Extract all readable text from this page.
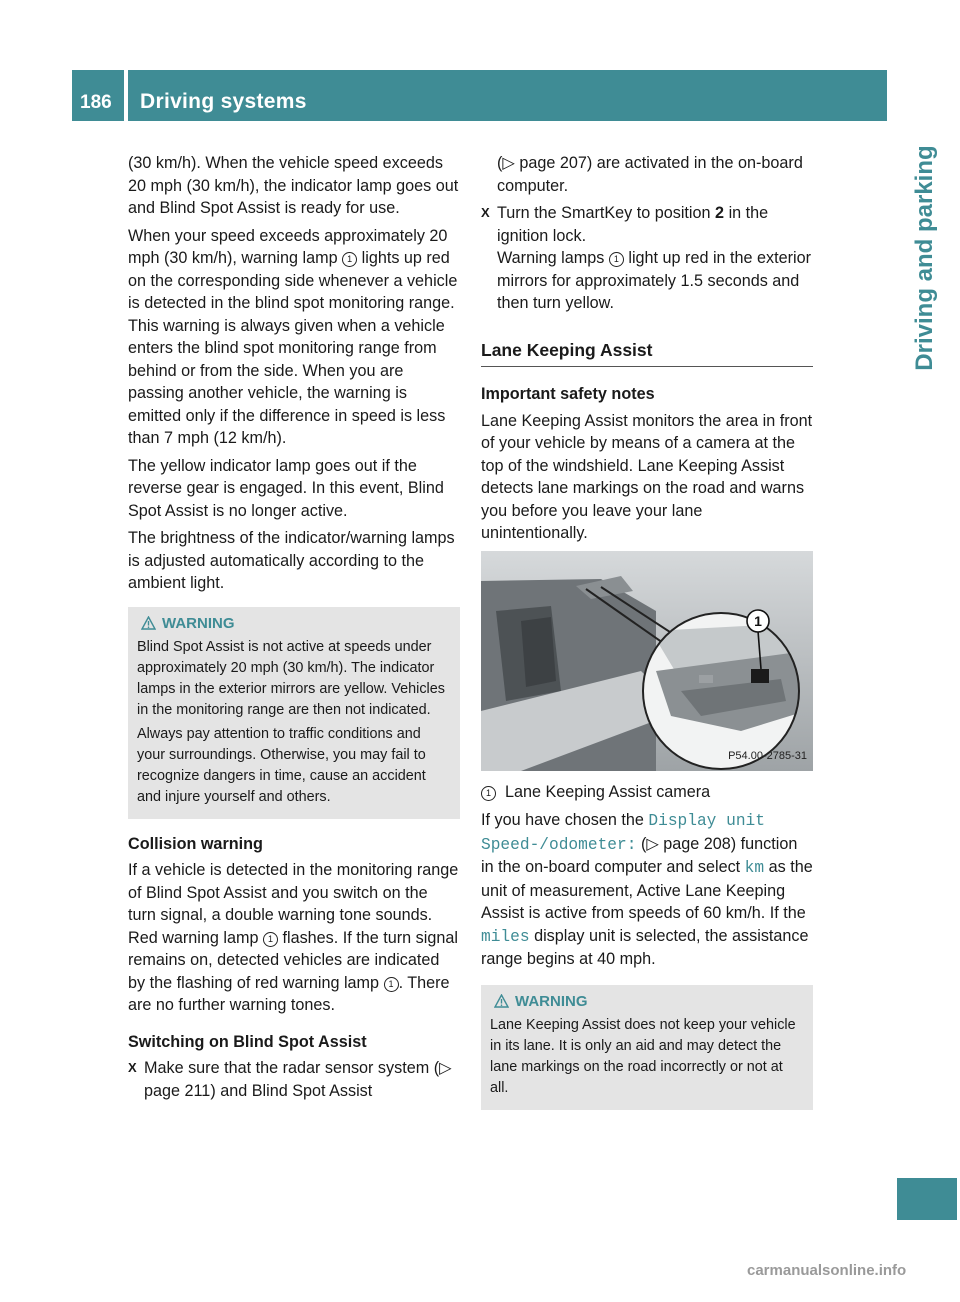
186 Driving systems
Driving and parking

(30 km/h). When the vehicle speed exceeds 20 mph (30 km/h), the indicator lamp goes out and Blind Spot Assist is ready for use.

When your speed exceeds approximately 20 mph (30 km/h), warning lamp 1 lights up red on the corresponding side whenever a vehicle is detected in the blind spot monitoring range. This warning is always given when a vehicle enters the blind spot monitoring range from behind or from the side. When you are passing another vehicle, the warning is emitted only if the difference in speed is less than 7 mph (12 km/h).

The yellow indicator lamp goes out if the reverse gear is engaged. In this event, Blind Spot Assist is no longer active.

The brightness of the indicator/warning lamps is adjusted automatically according to the ambient light.

WARNING

Blind Spot Assist is not active at speeds under approximately 20 mph (30 km/h). The indicator lamps in the exterior mirrors are yellow. Vehicles in the monitoring range are then not indicated.

Always pay attention to traffic conditions and your surroundings. Otherwise, you may fail to recognize dangers in time, cause an accident and injure yourself and others.

Collision warning

If a vehicle is detected in the monitoring range of Blind Spot Assist and you switch on the turn signal, a double warning tone sounds. Red warning lamp 1 flashes. If the turn signal remains on, detected vehicles are indicated by the flashing of red warning lamp 1 . There are no further warning tones.

Switching on Blind Spot Assist
X Make sure that the radar sensor system (▷ page 211) and Blind Spot Assist

(▷ page 207) are activated in the on-board computer.

X Turn the SmartKey to position 2 in the ignition lock.
Warning lamps 1 light up red in the exterior mirrors for approximately 1.5 seconds and then turn yellow.
Lane Keeping Assist
Important safety notes

Lane Keeping Assist monitors the area in front of your vehicle by means of a camera at the top of the windshield. Lane Keeping Assist detects lane markings on the road and warns you before you leave your lane unintentionally.

1
P54.00-2785-31

1 Lane Keeping Assist camera

If you have chosen the Display unit Speed-/odometer: (▷ page 208) function in the on-board computer and select km as the unit of measurement, Active Lane Keeping Assist is active from speeds of 60 km/h. If the miles display unit is selected, the assistance range begins at 40 mph.

WARNING

Lane Keeping Assist does not keep your vehicle in its lane. It is only an aid and may detect the lane markings on the road incorrectly or not at all.

carmanualsonline.info
